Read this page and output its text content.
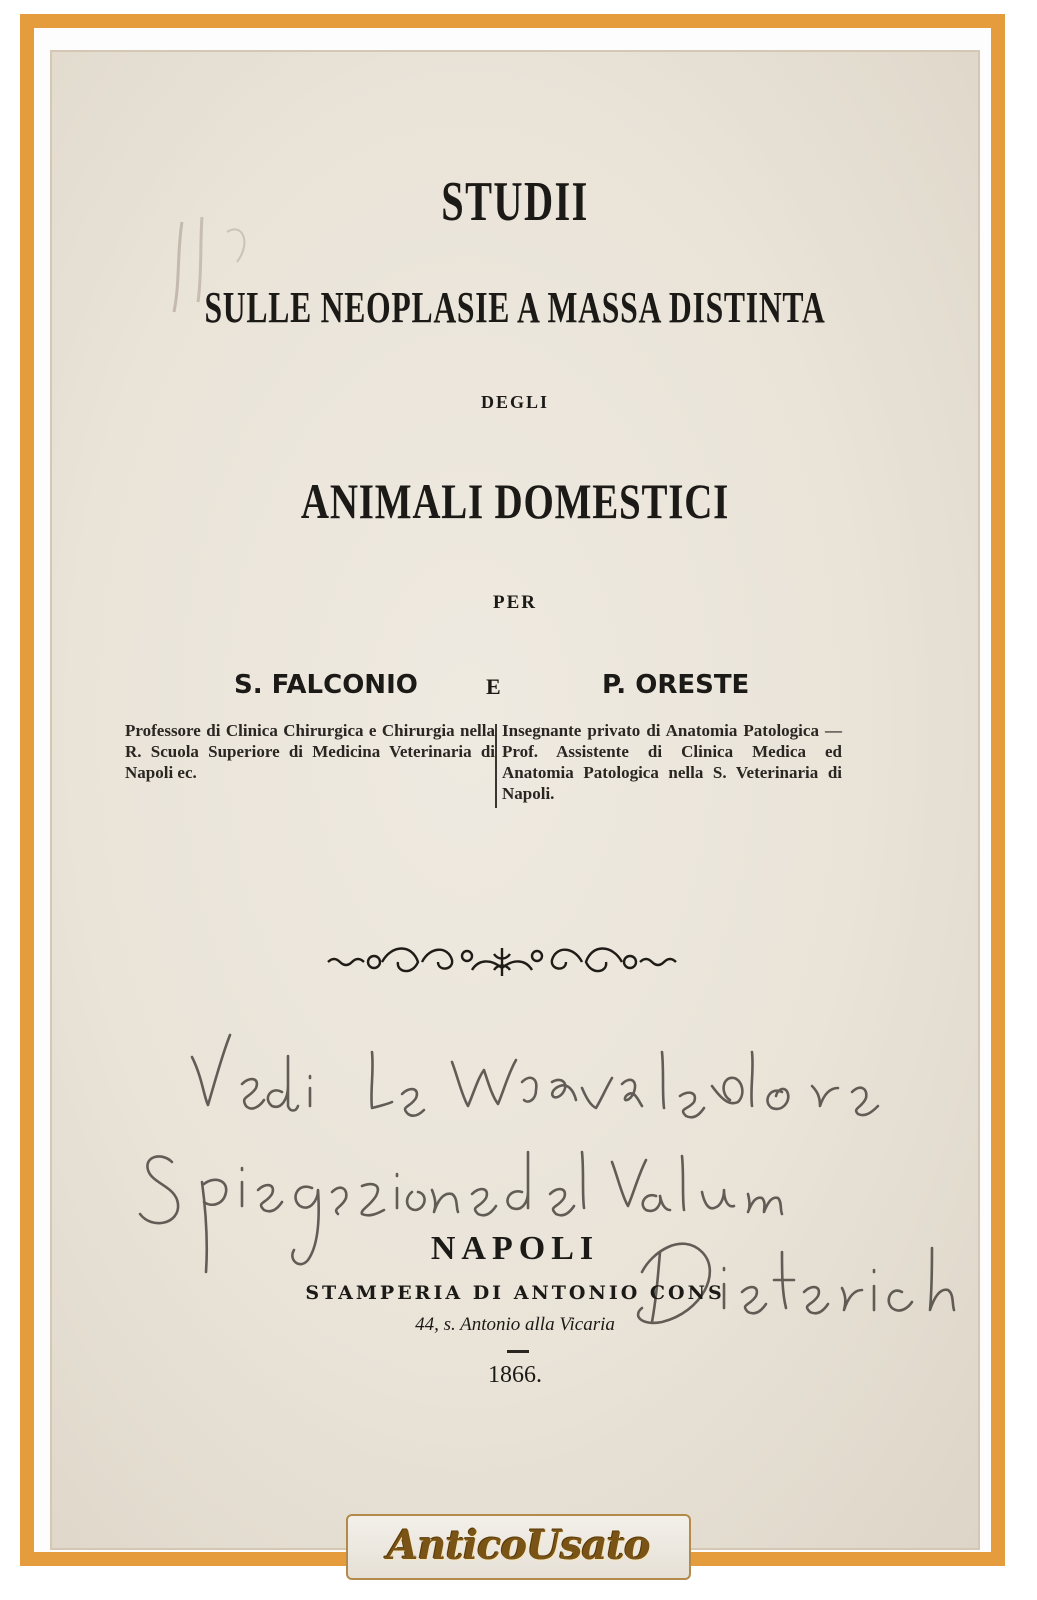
STUDII
SULLE NEOPLASIE A MASSA DISTINTA
DEGLI
ANIMALI DOMESTICI
PER
S. FALCONIO	E	P. ORESTE
Professore di Clinica Chirurgica e Chirurgia nella R. Scuola Superiore di Medicina Veterinaria di Napoli ec.
Insegnante privato di Anatomia Patologica — Prof. Assistente di Clinica Medica ed Anatomia Patologica nella S. Veterinaria di Napoli.
NAPOLI
STAMPERIA DI ANTONIO CONS
44, s. Antonio alla Vicaria
1866.
AnticoUsato
